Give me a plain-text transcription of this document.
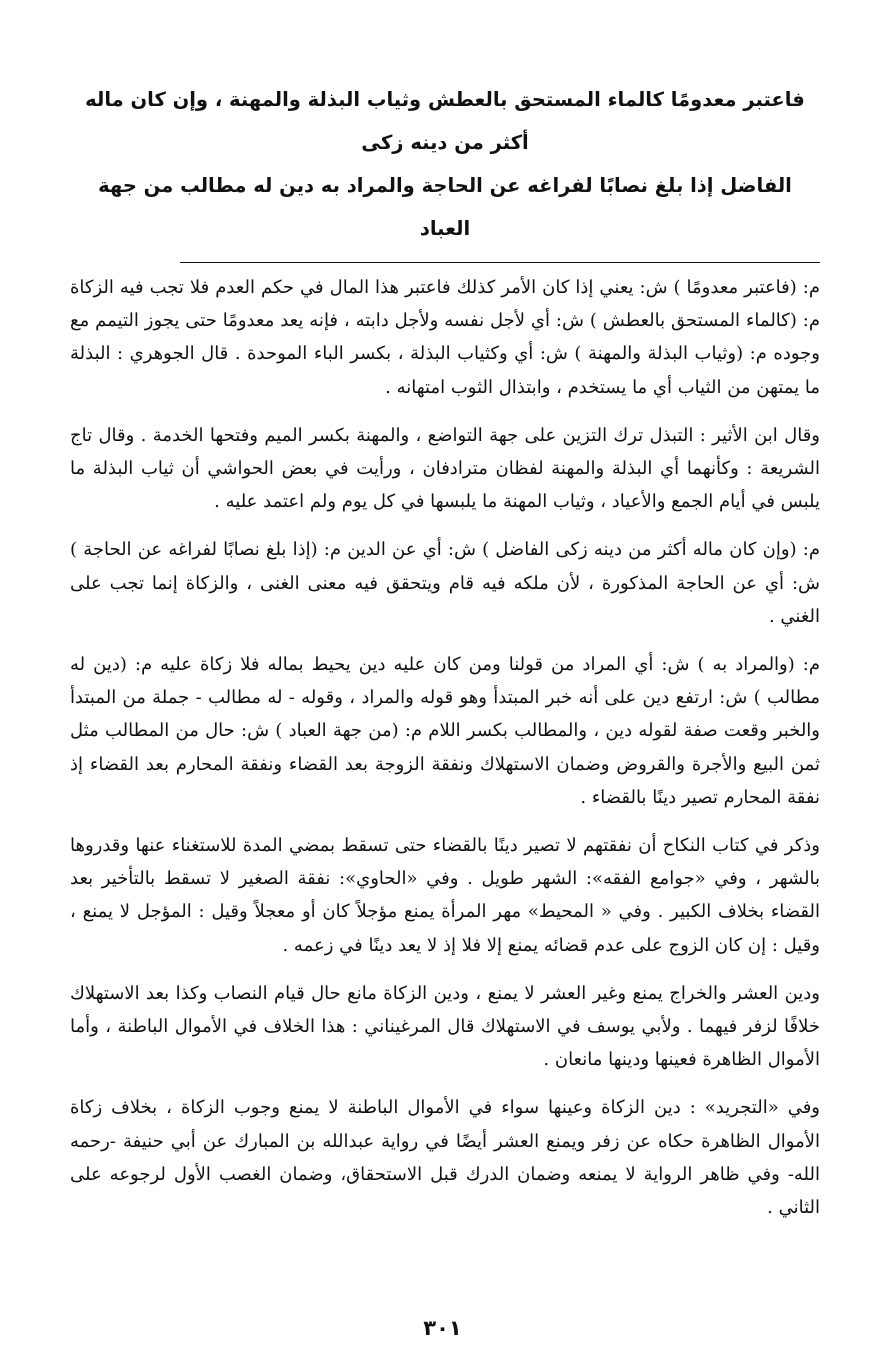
فاعتبر معدومًا كالماء المستحق بالعطش وثياب البذلة والمهنة ، وإن كان ماله أكثر من دينه زكى
الفاضل إذا بلغ نصابًا لفراغه عن الحاجة والمراد به دين له مطالب من جهة العباد

م: (فاعتبر معدومًا ) ش: يعني إذا كان الأمر كذلك فاعتبر هذا المال في حكم العدم فلا تجب فيه الزكاة م: (كالماء المستحق بالعطش ) ش: أي لأجل نفسه ولأجل دابته ، فإنه يعد معدومًا حتى يجوز التيمم مع وجوده م: (وثياب البذلة والمهنة ) ش: أي وكثياب البذلة ، بكسر الباء الموحدة . قال الجوهري : البذلة ما يمتهن من الثياب أي ما يستخدم ، وابتذال الثوب امتهانه .

وقال ابن الأثير : التبذل ترك التزين على جهة التواضع ، والمهنة بكسر الميم وفتحها الخدمة . وقال تاج الشريعة : وكأنهما أي البذلة والمهنة لفظان مترادفان ، ورأيت في بعض الحواشي أن ثياب البذلة ما يلبس في أيام الجمع والأعياد ، وثياب المهنة ما يلبسها في كل يوم ولم اعتمد عليه .

م: (وإن كان ماله أكثر من دينه زكى الفاضل ) ش: أي عن الدين م: (إذا بلغ نصابًا لفراغه عن الحاجة ) ش: أي عن الحاجة المذكورة ، لأن ملكه فيه قام ويتحقق فيه معنى الغنى ، والزكاة إنما تجب على الغني .

م: (والمراد به ) ش: أي المراد من قولنا ومن كان عليه دين يحيط بماله فلا زكاة عليه م: (دين له مطالب ) ش: ارتفع دين على أنه خبر المبتدأ وهو قوله والمراد ، وقوله - له مطالب - جملة من المبتدأ والخبر وقعت صفة لقوله دين ، والمطالب بكسر اللام م: (من جهة العباد ) ش: حال من المطالب مثل ثمن البيع والأجرة والقروض وضمان الاستهلاك ونفقة الزوجة بعد القضاء ونفقة المحارم بعد القضاء إذ نفقة المحارم تصير دينًا بالقضاء .

وذكر في كتاب النكاح أن نفقتهم لا تصير دينًا بالقضاء حتى تسقط بمضي المدة للاستغناء عنها وقدروها بالشهر ، وفي «جوامع الفقه»: الشهر طويل . وفي «الحاوي»: نفقة الصغير لا تسقط بالتأخير بعد القضاء بخلاف الكبير . وفي « المحيط» مهر المرأة يمنع مؤجلاً كان أو معجلاً وقيل : المؤجل لا يمنع ، وقيل : إن كان الزوج على عدم قضائه يمنع إلا فلا إذ لا يعد دينًا في زعمه .

ودين العشر والخراج يمنع وغير العشر لا يمنع ، ودين الزكاة مانع حال قيام النصاب وكذا بعد الاستهلاك خلافًا لزفر فيهما . ولأبي يوسف في الاستهلاك قال المرغيناني : هذا الخلاف في الأموال الباطنة ، وأما الأموال الظاهرة فعينها ودينها مانعان .

وفي «التجريد» : دين الزكاة وعينها سواء في الأموال الباطنة لا يمنع وجوب الزكاة ، بخلاف زكاة الأموال الظاهرة حكاه عن زفر ويمنع العشر أيضًا في رواية عبدالله بن المبارك عن أبي حنيفة -رحمه الله- وفي ظاهر الرواية لا يمنعه وضمان الدرك قبل الاستحقاق، وضمان الغصب الأول لرجوعه على الثاني .

٣٠١
